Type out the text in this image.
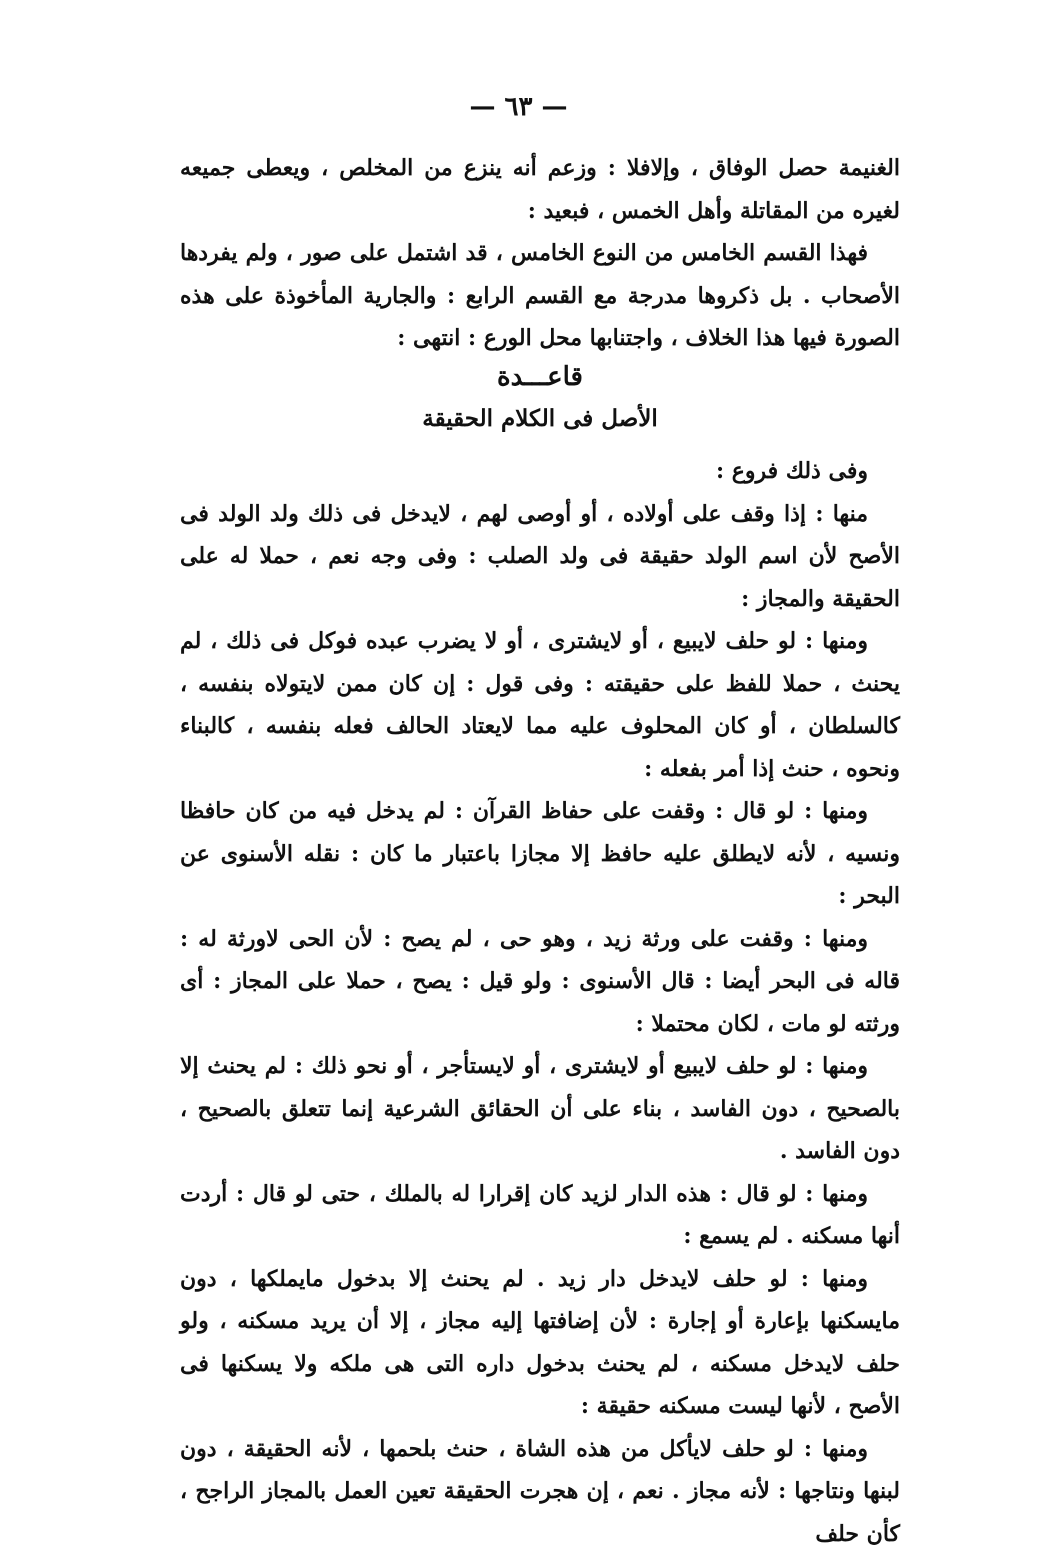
— ٦٣ —

الغنيمة حصل الوفاق ، وإلافلا : وزعم أنه ينزع من المخلص ، ويعطى جميعه لغيره من المقاتلة وأهل الخمس ، فبعيد :

فهذا القسم الخامس من النوع الخامس ، قد اشتمل على صور ، ولم يفردها الأصحاب . بل ذكروها مدرجة مع القسم الرابع : والجارية المأخوذة على هذه الصورة فيها هذا الخلاف ، واجتنابها محل الورع : انتهى :

قاعـــدة
الأصل فى الكلام الحقيقة

وفى ذلك فروع :

منها : إذا وقف على أولاده ، أو أوصى لهم ، لايدخل فى ذلك ولد الولد فى الأصح لأن اسم الولد حقيقة فى ولد الصلب : وفى وجه نعم ، حملا له على الحقيقة والمجاز :

ومنها : لو حلف لايبيع ، أو لايشترى ، أو لا يضرب عبده فوكل فى ذلك ، لم يحنث ، حملا للفظ على حقيقته : وفى قول : إن كان ممن لايتولاه بنفسه ، كالسلطان ، أو كان المحلوف عليه مما لايعتاد الحالف فعله بنفسه ، كالبناء ونحوه ، حنث إذا أمر بفعله :

ومنها : لو قال : وقفت على حفاظ القرآن : لم يدخل فيه من كان حافظا ونسيه ، لأنه لايطلق عليه حافظ إلا مجازا باعتبار ما كان : نقله الأسنوى عن البحر :

ومنها : وقفت على ورثة زيد ، وهو حى ، لم يصح : لأن الحى لاورثة له : قاله فى البحر أيضا : قال الأسنوى : ولو قيل : يصح ، حملا على المجاز : أى ورثته لو مات ، لكان محتملا :

ومنها : لو حلف لايبيع أو لايشترى ، أو لايستأجر ، أو نحو ذلك : لم يحنث إلا بالصحيح ، دون الفاسد ، بناء على أن الحقائق الشرعية إنما تتعلق بالصحيح ، دون الفاسد .

ومنها : لو قال : هذه الدار لزيد كان إقرارا له بالملك ، حتى لو قال : أردت أنها مسكنه . لم يسمع :

ومنها : لو حلف لايدخل دار زيد . لم يحنث إلا بدخول مايملكها ، دون مايسكنها بإعارة أو إجارة : لأن إضافتها إليه مجاز ، إلا أن يريد مسكنه ، ولو حلف لايدخل مسكنه ، لم يحنث بدخول داره التى هى ملكه ولا يسكنها فى الأصح ، لأنها ليست مسكنه حقيقة :

ومنها : لو حلف لايأكل من هذه الشاة ، حنث بلحمها ، لأنه الحقيقة ، دون لبنها ونتاجها : لأنه مجاز . نعم ، إن هجرت الحقيقة تعين العمل بالمجاز الراجح ، كأن حلف
